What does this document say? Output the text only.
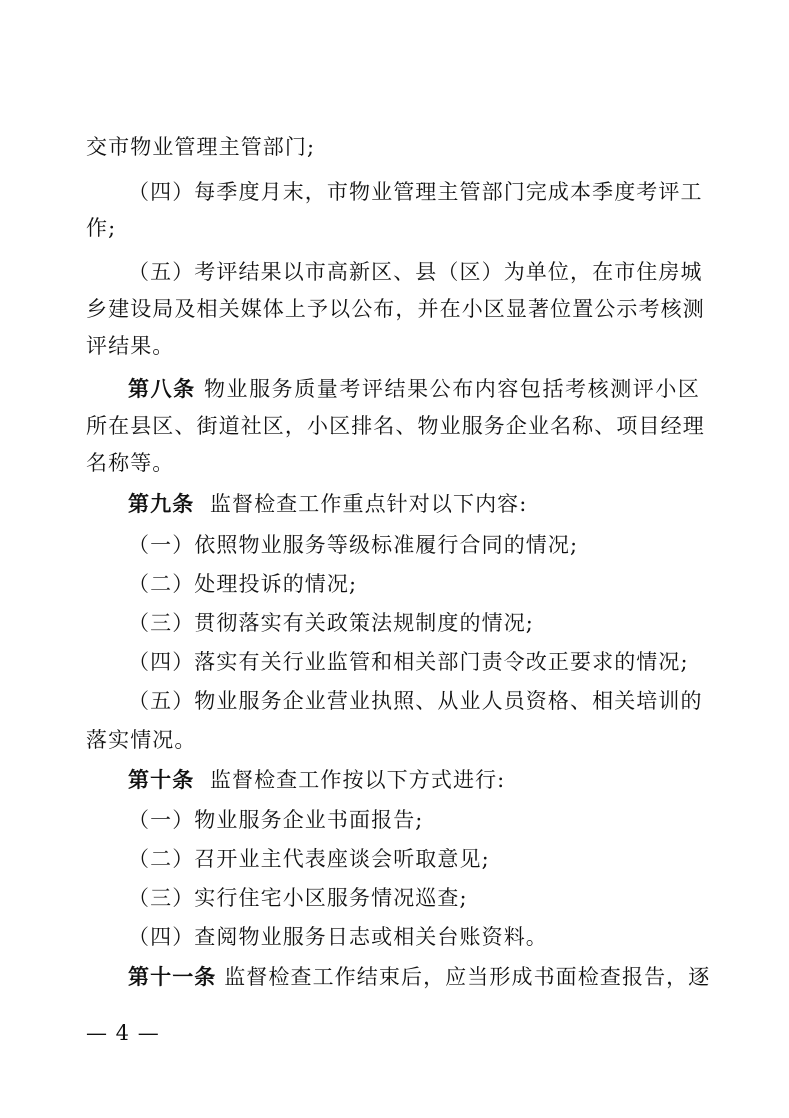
交市物业管理主管部门;
（四）每季度月末，市物业管理主管部门完成本季度考评工
作;
（五）考评结果以市高新区、县（区）为单位，在市住房城
乡建设局及相关媒体上予以公布，并在小区显著位置公示考核测
评结果。
第八条 物业服务质量考评结果公布内容包括考核测评小区
所在县区、街道社区，小区排名、物业服务企业名称、项目经理
名称等。
第九条 监督检查工作重点针对以下内容:
（一）依照物业服务等级标准履行合同的情况;
（二）处理投诉的情况;
（三）贯彻落实有关政策法规制度的情况;
（四）落实有关行业监管和相关部门责令改正要求的情况;
（五）物业服务企业营业执照、从业人员资格、相关培训的
落实情况。
第十条 监督检查工作按以下方式进行:
（一）物业服务企业书面报告;
（二）召开业主代表座谈会听取意见;
（三）实行住宅小区服务情况巡查;
（四）查阅物业服务日志或相关台账资料。
第十一条 监督检查工作结束后，应当形成书面检查报告，逐
— 4 —
